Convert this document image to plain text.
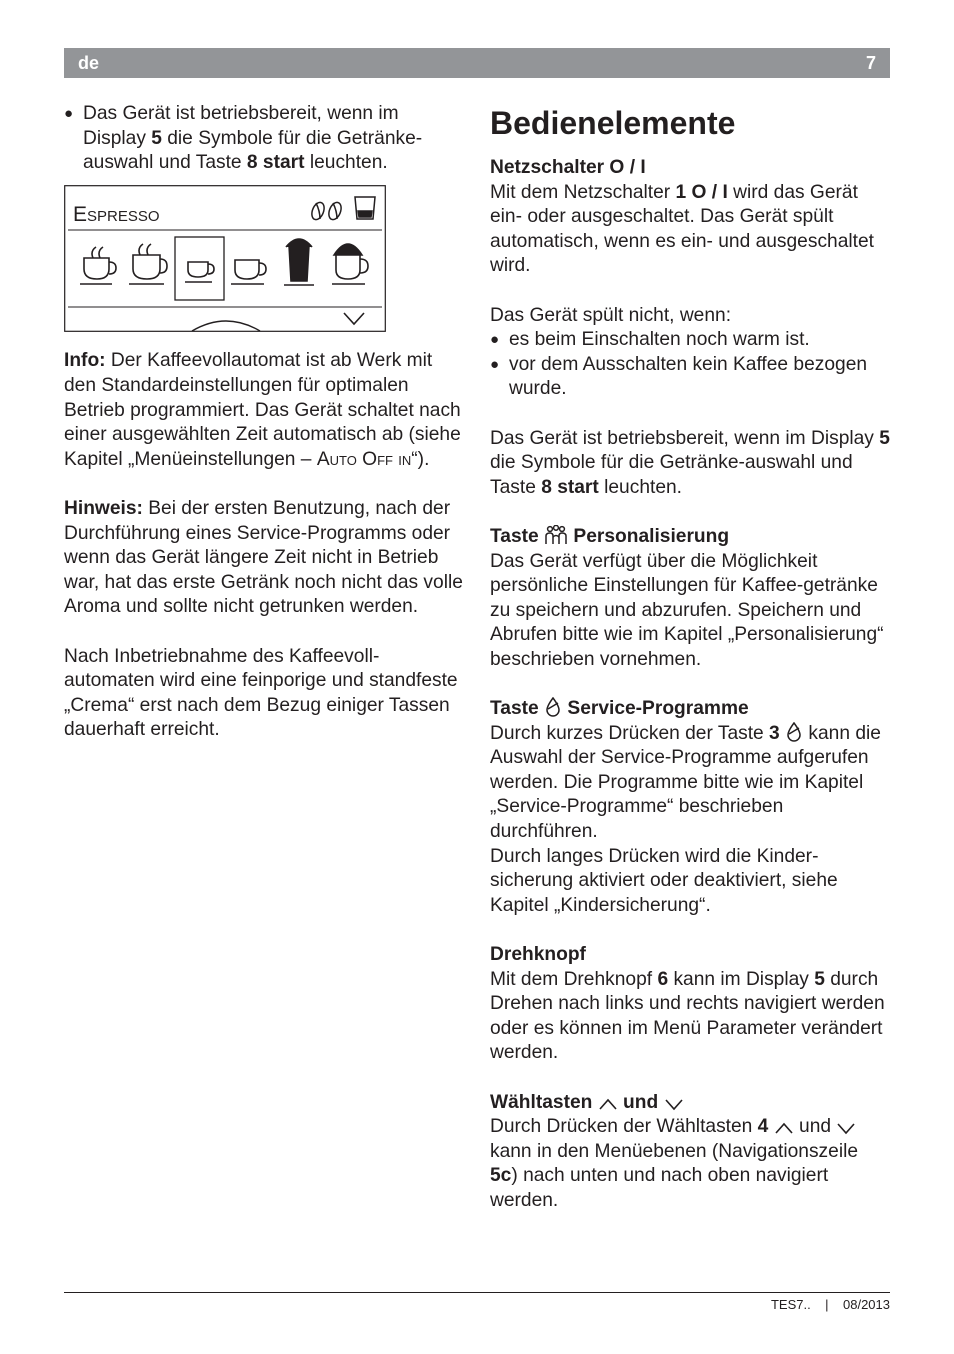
de	7

● Das Gerät ist betriebsbereit, wenn im Display 5 die Symbole für die Getränke-auswahl und Taste 8 start leuchten.

Espresso

Info: Der Kaffeevollautomat ist ab Werk mit den Standardeinstellungen für optimalen Betrieb programmiert. Das Gerät schaltet nach einer ausgewählten Zeit automatisch ab (siehe Kapitel „Menüeinstellungen – Auto Off in“).

Hinweis: Bei der ersten Benutzung, nach der Durchführung eines Service-Programms oder wenn das Gerät längere Zeit nicht in Betrieb war, hat das erste Getränk noch nicht das volle Aroma und sollte nicht getrunken werden.

Nach Inbetriebnahme des Kaffeevoll-automaten wird eine feinporige und standfeste „Crema“ erst nach dem Bezug einiger Tassen dauerhaft erreicht.

Bedienelemente

Netzschalter O / I

Mit dem Netzschalter 1 O / I wird das Gerät ein- oder ausgeschaltet. Das Gerät spült automatisch, wenn es ein- und ausgeschaltet wird.

Das Gerät spült nicht, wenn:

● es beim Einschalten noch warm ist.

● vor dem Ausschalten kein Kaffee bezogen wurde.

Das Gerät ist betriebsbereit, wenn im Display 5 die Symbole für die Getränke-auswahl und Taste 8 start leuchten.

Taste Personalisierung

Das Gerät verfügt über die Möglichkeit persönliche Einstellungen für Kaffee-getränke zu speichern und abzurufen. Speichern und Abrufen bitte wie im Kapitel „Personalisierung“ beschrieben vornehmen.

Taste Service-Programme

Durch kurzes Drücken der Taste 3 kann die Auswahl der Service-Programme aufgerufen werden. Die Programme bitte wie im Kapitel „Service-Programme“ beschrieben durchführen.

Durch langes Drücken wird die Kinder-sicherung aktiviert oder deaktiviert, siehe Kapitel „Kindersicherung“.

Drehknopf

Mit dem Drehknopf 6 kann im Display 5 durch Drehen nach links und rechts navigiert werden oder es können im Menü Parameter verändert werden.

Wähltasten und

Durch Drücken der Wähltasten 4 und  kann in den Menüebenen (Navigationszeile 5c) nach unten und nach oben navigiert werden.

TES7.. | 08/2013
